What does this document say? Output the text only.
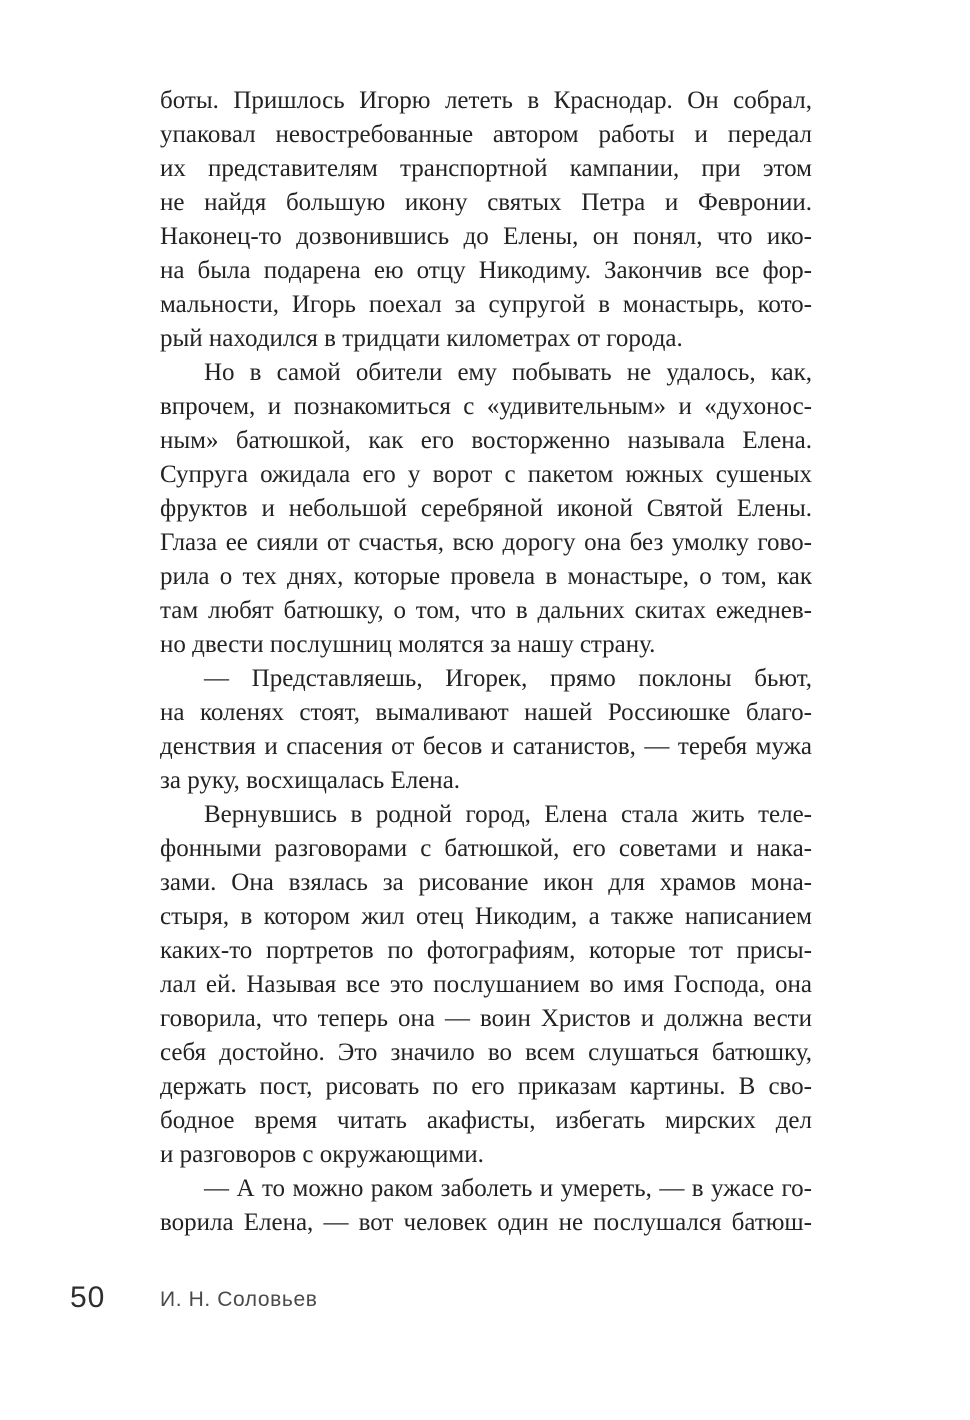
боты. Пришлось Игорю лететь в Краснодар. Он собрал,
упаковал невостребованные автором работы и передал
их представителям транспортной кампании, при этом
не найдя большую икону святых Петра и Февронии.
Наконец-то дозвонившись до Елены, он понял, что ико-
на была подарена ею отцу Никодиму. Закончив все фор-
мальности, Игорь поехал за супругой в монастырь, кото-
рый находился в тридцати километрах от города.
Но в самой обители ему побывать не удалось, как,
впрочем, и познакомиться с «удивительным» и «духонос-
ным» батюшкой, как его восторженно называла Елена.
Супруга ожидала его у ворот с пакетом южных сушеных
фруктов и небольшой серебряной иконой Святой Елены.
Глаза ее сияли от счастья, всю дорогу она без умолку гово-
рила о тех днях, которые провела в монастыре, о том, как
там любят батюшку, о том, что в дальних скитах ежеднев-
но двести послушниц молятся за нашу страну.
— Представляешь, Игорек, прямо поклоны бьют,
на коленях стоят, вымаливают нашей Россиюшке благо-
денствия и спасения от бесов и сатанистов, — теребя мужа
за руку, восхищалась Елена.
Вернувшись в родной город, Елена стала жить теле-
фонными разговорами с батюшкой, его советами и нака-
зами. Она взялась за рисование икон для храмов мона-
стыря, в котором жил отец Никодим, а также написанием
каких-то портретов по фотографиям, которые тот присы-
лал ей. Называя все это послушанием во имя Господа, она
говорила, что теперь она — воин Христов и должна вести
себя достойно. Это значило во всем слушаться батюшку,
держать пост, рисовать по его приказам картины. В сво-
бодное время читать акафисты, избегать мирских дел
и разговоров с окружающими.
— А то можно раком заболеть и умереть, — в ужасе го-
ворила Елена, — вот человек один не послушался батюш-
50	И. Н. Соловьев
